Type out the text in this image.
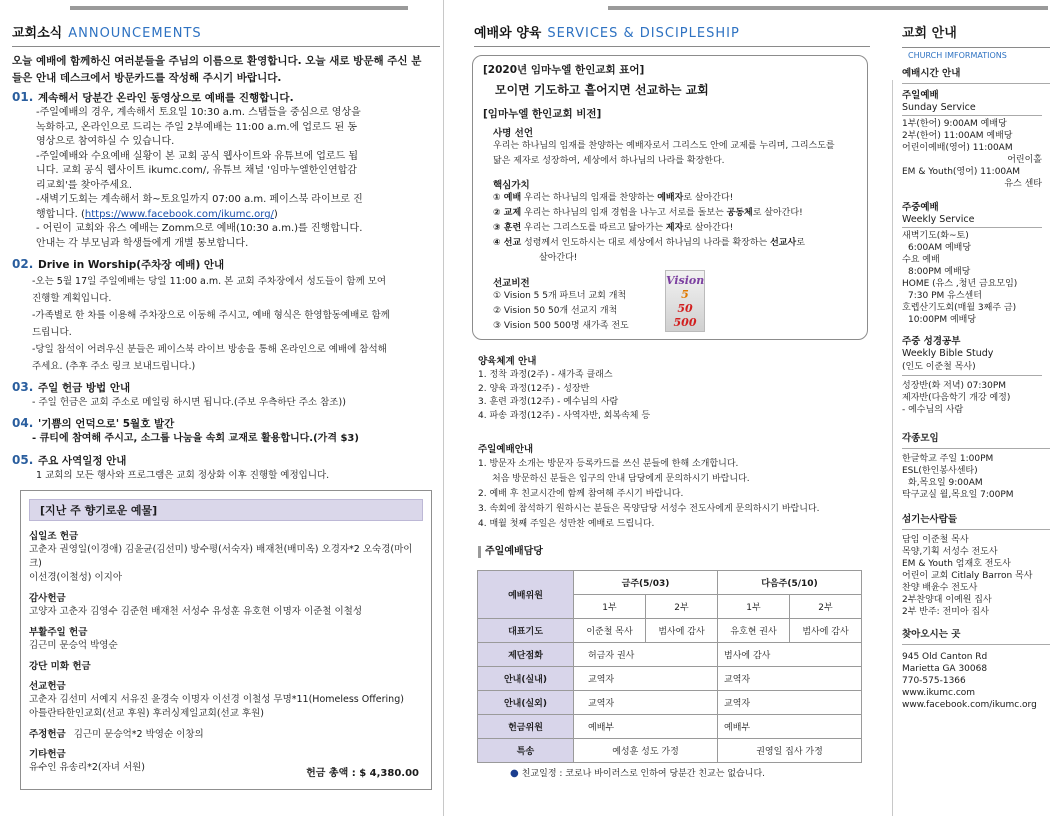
교회소식 ANNOUNCEMENTS
오늘 예배에 함께하신 여러분들을 주님의 이름으로 환영합니다. 오늘 새로 방문해 주신 분
들은 안내 데스크에서 방문카드를 작성해 주시기 바랍니다.
01. 계속해서 당분간 온라인 동영상으로 예배를 진행합니다.

-주일예배의 경우, 계속해서 토요일 10:30 a.m. 스탭들을 중심으로 영상을

녹화하고, 온라인으로 드리는 주일 2부예배는 11:00 a.m.에 업로드 된 동

영상으로 참여하실 수 있습니다.

-주일예배와 수요예배 실황이 본 교회 공식 웹사이트와 유튜브에 업로드 됩

니다. 교회 공식 웹사이트 ikumc.com/, 유튜브 채널 '임마누엘한인연합감

리교회'를 찾아주세요.

-새벽기도회는 계속해서 화~토요일까지 07:00 a.m. 페이스북 라이브로 진

행합니다. (https://www.facebook.com/ikumc.org/)

- 어린이 교회와 유스 예배는 Zomm으로 예배(10:30 a.m.)를 진행합니다.

안내는 각 부모님과 학생들에게 개별 통보합니다.

02. Drive in Worship(주차장 예배) 안내

-오는 5월 17일 주일예배는 당일 11:00 a.m. 본 교회 주차장에서 성도들이 함께 모여

진행할 계획입니다.

-가족별로 한 차를 이용해 주차장으로 이동해 주시고, 예배 형식은 한영합동예배로 함께

드립니다.

-당일 참석이 어려우신 분들은 페이스북 라이브 방송을 통해 온라인으로 예배에 참석해

주세요. (추후 주소 링크 보내드립니다.)

03. 주일 헌금 방법 안내

- 주일 헌금은 교회 주소로 메일링 하시면 됩니다.(주보 우측하단 주소 참조))

04. '기쁨의 언덕으로' 5월호 발간

- 큐티에 참여해 주시고, 소그룹 나눔을 속회 교재로 활용합니다.(가격 $3)

05. 주요 사역일정 안내

1 교회의 모든 행사와 프로그램은 교회 정상화 이후 진행할 예정입니다.

[지난 주 향기로운 예물]
십일조 헌금
고춘자 권영일(이경애) 김윤균(김선미) 방수평(서숙자) 배재천(배미옥) 오경자*2 오숙경(마이크)
이선경(이철성) 이지아
감사헌금
고양자 고춘자 김영수 김준현 배재천 서성수 유성훈 유호현 이명자 이준철 이철성
부활주일 헌금
김근미 문승억 박영순
강단 미화 헌금
선교헌금
고춘자 김선미 서예지 서유진 윤경숙 이명자 이선경 이철성 무명*11(Homeless Offering)
아틀란타한인교회(선교 후원) 후러싱제일교회(선교 후원)
주정헌금 김근미 문승억*2 박영순 이창의
기타헌금
유수인 유송리*2(자녀 서원)
헌금 총액 : $ 4,380.00
예배와 양육 SERVICES & DISCIPLESHIP
[2020년 임마누엘 한인교회 표어]
모이면 기도하고 흩어지면 선교하는 교회
[임마누엘 한인교회 비전]
사명 선언
우리는 하나님의 임재를 찬양하는 예배자로서 그리스도 안에 교제를 누리며, 그리스도를
닮은 제자로 성장하여, 세상에서 하나님의 나라를 확장한다.
핵심가치
① 예배 우리는 하나님의 임재를 찬양하는 예배자로 살아간다!
② 교제 우리는 하나님의 임재 경험을 나누고 서로를 돌보는 공동체로 살아간다!
③ 훈련 우리는 그리스도를 따르고 닮아가는 제자로 살아간다!
④ 선교 성령께서 인도하시는 대로 세상에서 하나님의 나라를 확장하는 선교사로
살아간다!
선교비전
① Vision 5 5개 파트너 교회 개척
② Vision 50 50개 선교지 개척
③ Vision 500 500명 새가족 전도
Vision
5
50
500
양육체계 안내
1. 정착 과정(2주) - 새가족 클래스
2. 양육 과정(12주) - 성장반
3. 훈련 과정(12주) - 예수님의 사람
4. 파송 과정(12주) - 사역자반, 회복속체 등
주일예배안내
1. 방문자 소개는 방문자 등록카드를 쓰신 분들에 한해 소개합니다.
처음 방문하신 분들은 입구의 안내 담당에게 문의하시기 바랍니다.
2. 예배 후 친교시간에 함께 참여해 주시기 바랍니다.
3. 속회에 참석하기 원하시는 분들은 목양담당 서성수 전도사에게 문의하시기 바랍니다.
4. 매월 첫째 주일은 성만찬 예배로 드립니다.
주일예배담당
예배위원	금주(5/03)		다음주(5/10)	
	1부	2부	1부	2부
대표기도	이준철 목사	범사에 감사	유호현 권사	범사에 감사
제단점화	허금자 권사		범사에 감사	
안내(실내)	교역자		교역자	
안내(실외)	교역자		교역자	
헌금위원	예배부		예배부	
특송	예성훈 성도 가정		권영일 집사 가정	
● 친교일정 : 코로나 바이러스로 인하여 당분간 친교는 없습니다.
교회 안내
CHURCH IMFORMATIONS
예배시간 안내
주일예배
Sunday Service
1부(한어) 9:00AM 예배당
2부(한어) 11:00AM 예배당
어린이예배(영어) 11:00AM
어린이홀
EM & Youth(영어) 11:00AM
유스 센타
주중예배
Weekly Service
새벽기도(화~토)
6:00AM 예배당
수요 예배
8:00PM 예배당
HOME (유스 ,청년 금요모임)
7:30 PM 유스센터
호렙산기도회(매월 3째주 금)
10:00PM 예배당
주중 성경공부
Weekly Bible Study
(인도 이준철 목사)
성장반(화 저녁) 07:30PM
제자반(다음학기 개강 예정)
- 예수님의 사람
각종모임
한글학교 주일 1:00PM
ESL(한인봉사센타)
화,목요일 9:00AM
탁구교실 월,목요일 7:00PM
섬기는사람들
담임 이준철 목사
목양,기획 서성수 전도사
EM & Youth 엄재호 전도사
어린이 교회 Citlaly Barron 목사
찬양 배윤수 전도사
2부찬양대 이예원 집사
2부 반주: 전미아 집사
찾아오시는 곳
945 Old Canton Rd
Marietta GA 30068
770-575-1366
www.ikumc.com
www.facebook.com/ikumc.org
